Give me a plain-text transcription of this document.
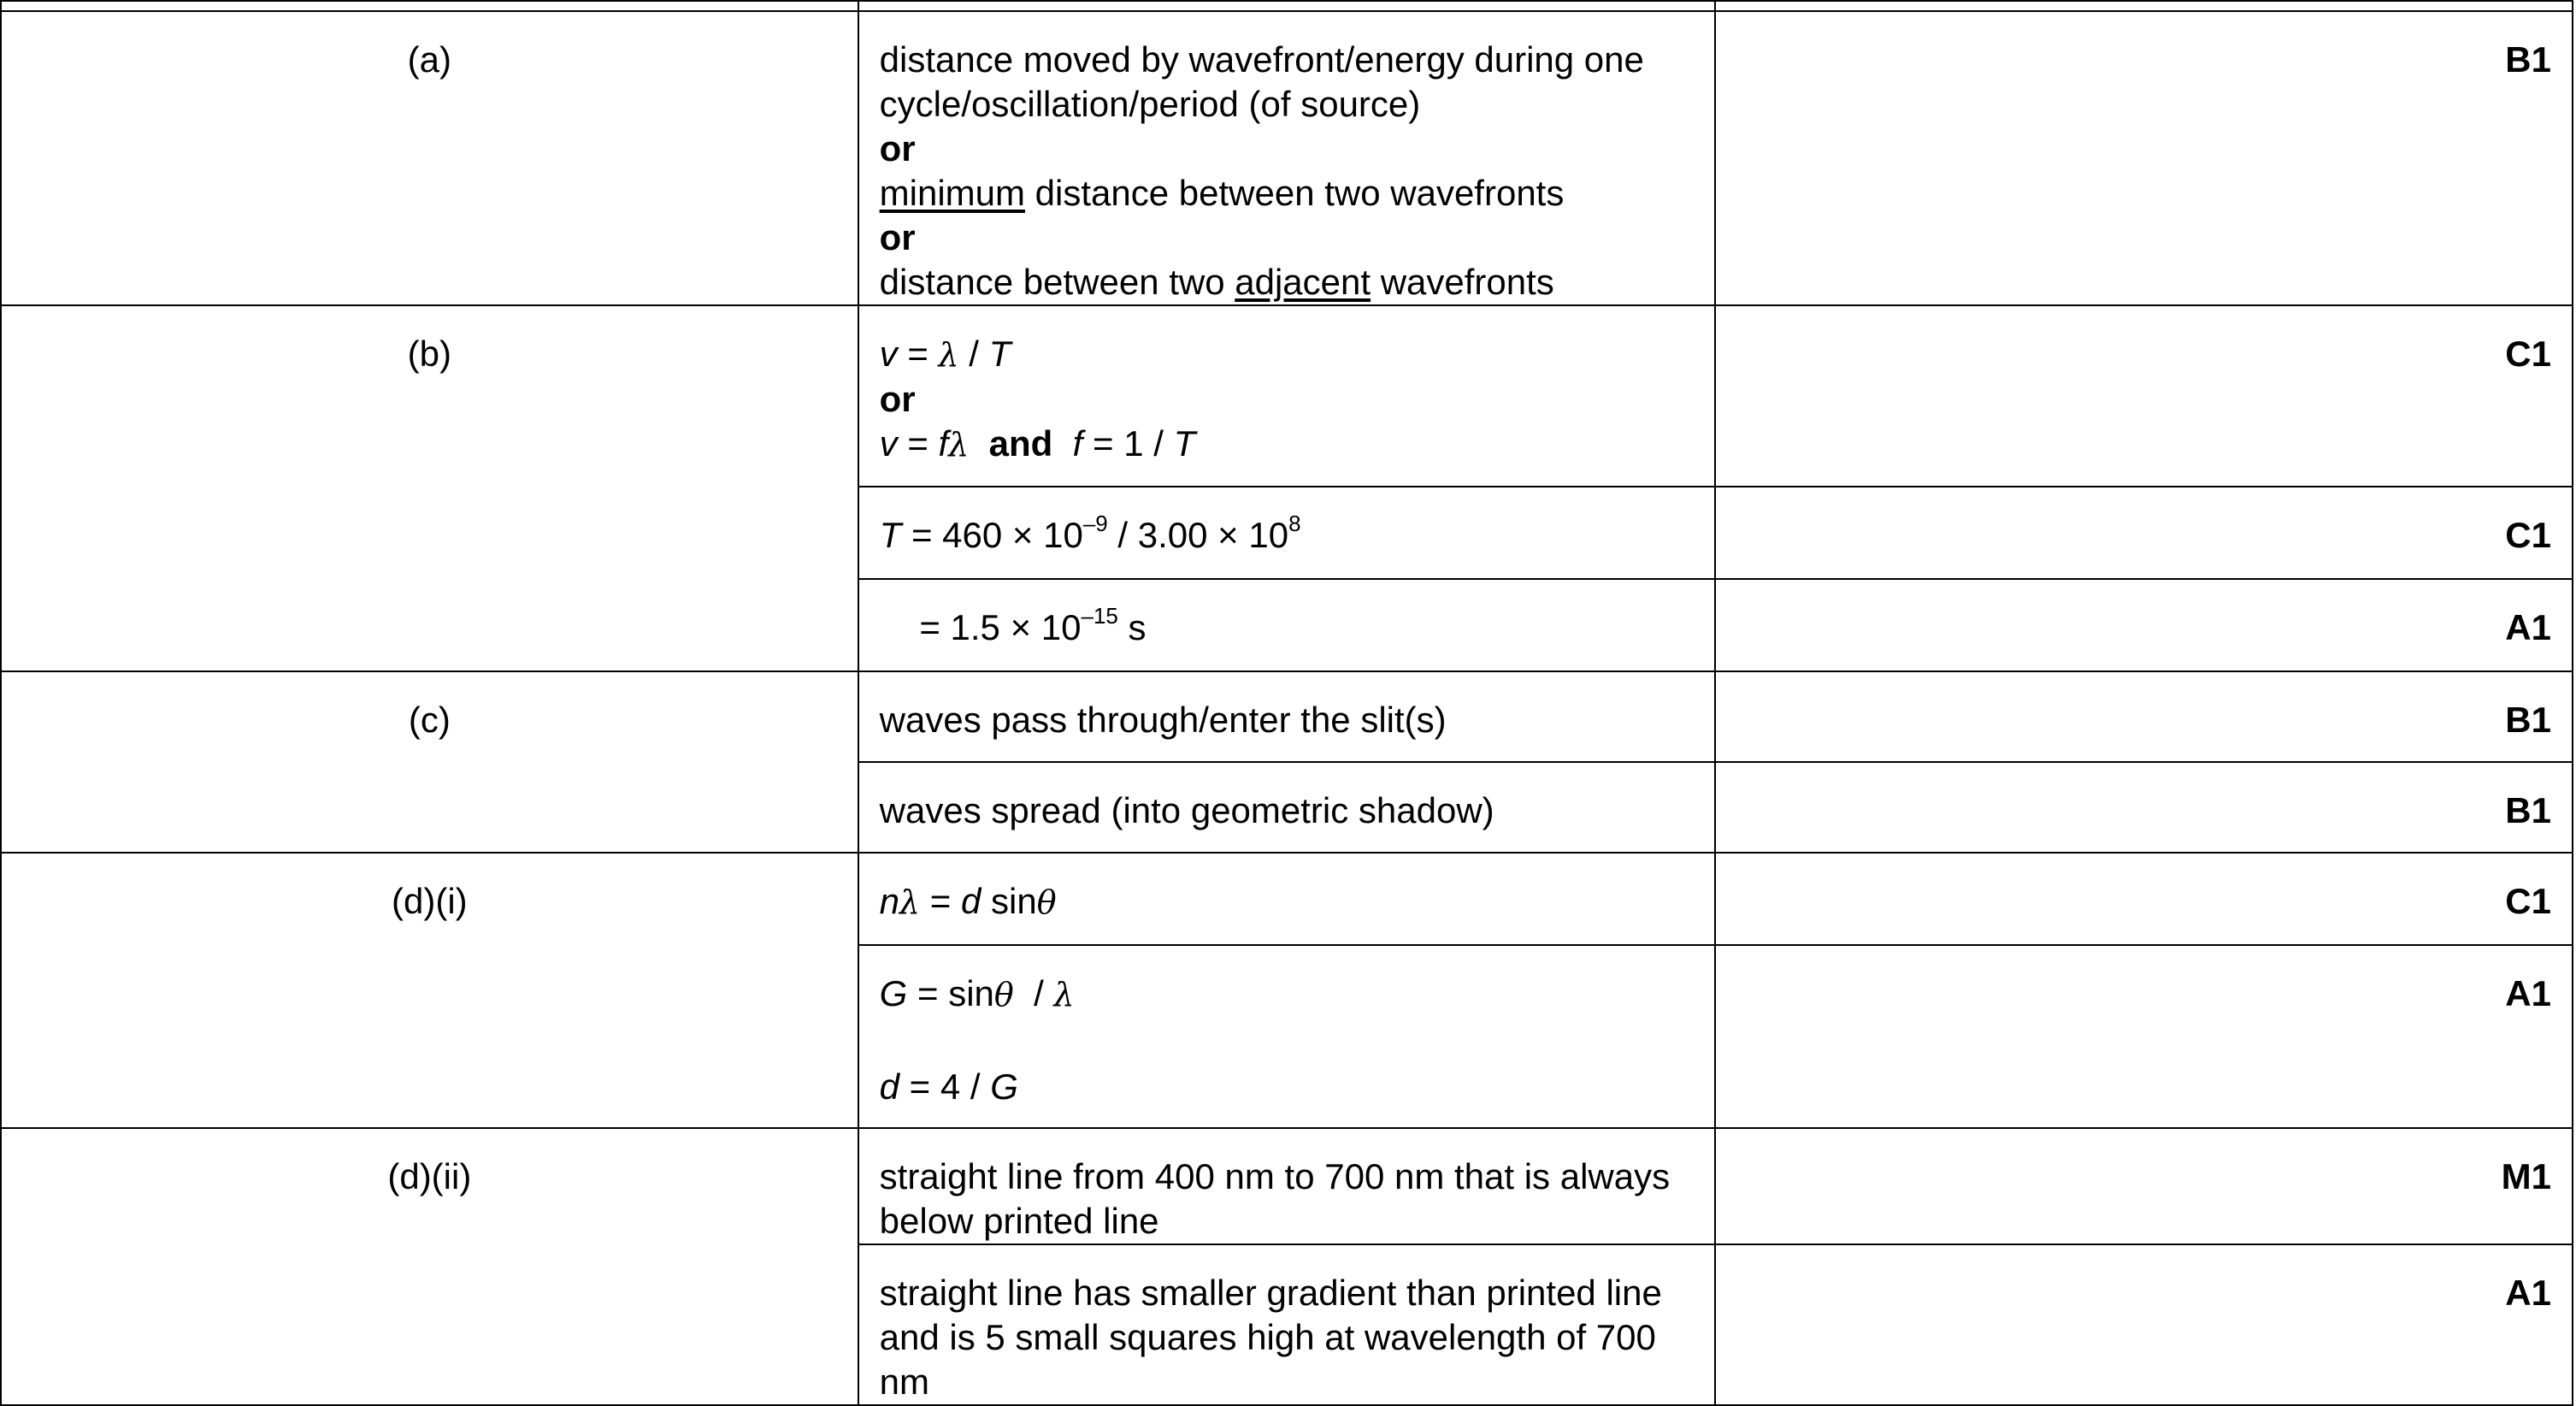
(a)	distance moved by wavefront/energy during one cycle/oscillation/period (of source)
or
minimum distance between two wavefronts
or
distance between two adjacent wavefronts	B1
(b)	v = λ / T
or
v = fλ and f = 1 / T	C1

	$T = 460 \times 10^{-9} / 3.00 \times 10^8$	C1

	= $1.5 \times 10^{-15}$ s	A1
(c)	waves pass through/enter the slit(s)	B1
	waves spread (into geometric shadow)	B1
(d)(i)	nλ = d sinθ	C1

	G = sinθ  / λ
d = 4 / G	A1
(d)(ii)	straight line from 400 nm to 700 nm that is always below printed line	M1
	straight line has smaller gradient than printed line and is 5 small squares high at wavelength of 700 nm	A1
